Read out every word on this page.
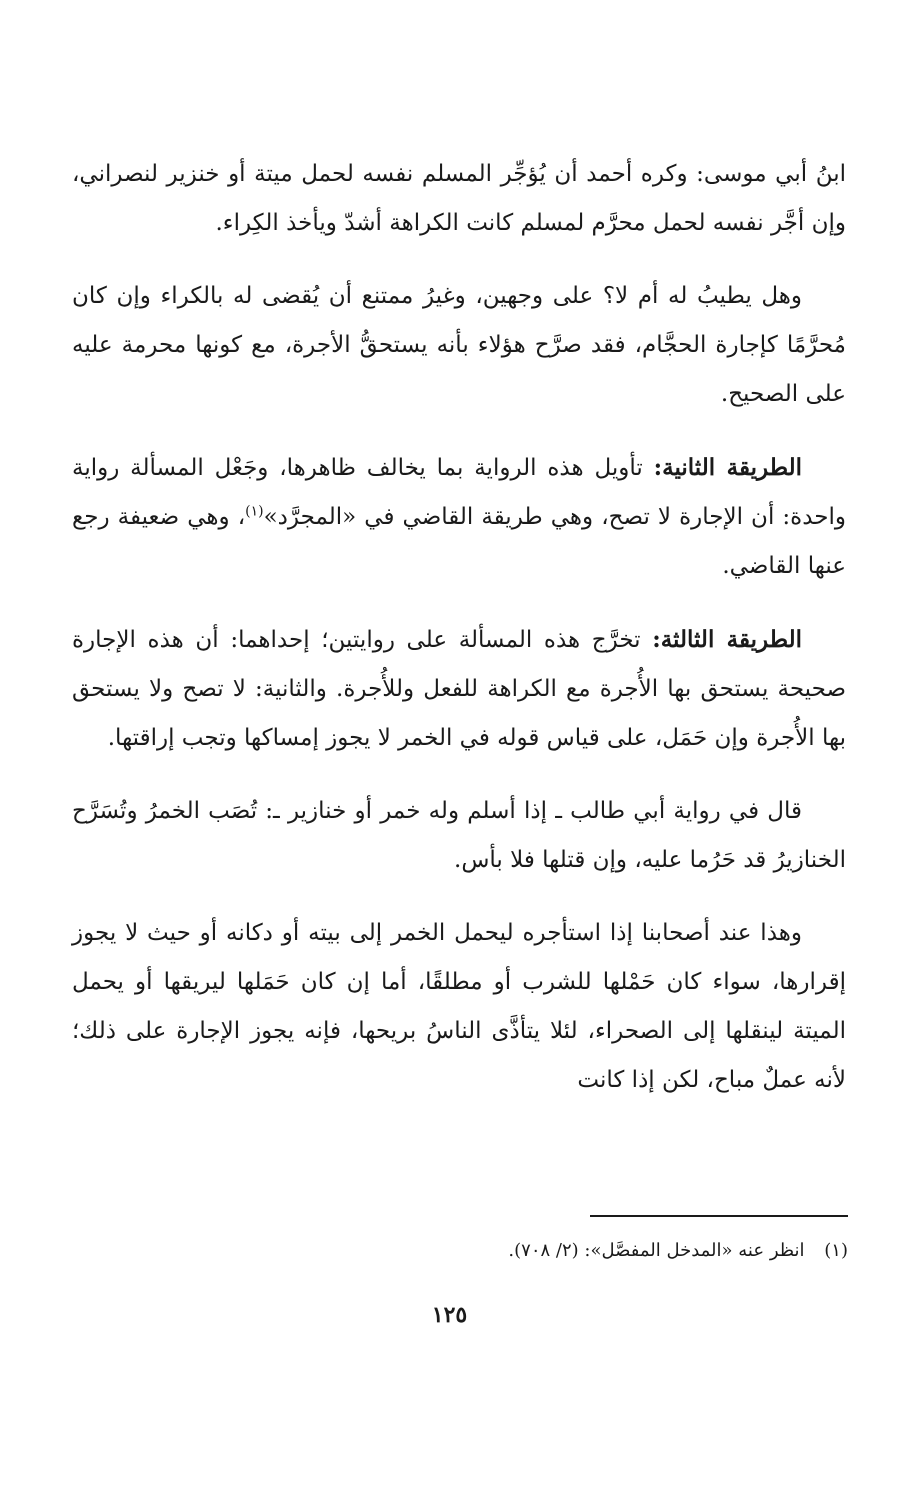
ابنُ أبي موسى: وكره أحمد أن يُؤجِّر المسلم نفسه لحمل ميتة أو خنزير لنصراني، وإن أجَّر نفسه لحمل محرَّم لمسلم كانت الكراهة أشدّ ويأخذ الكِراء.

وهل يطيبُ له أم لا؟ على وجهين، وغيرُ ممتنع أن يُقضى له بالكراء وإن كان مُحرَّمًا كإجارة الحجَّام، فقد صرَّح هؤلاء بأنه يستحقُّ الأجرة، مع كونها محرمة عليه على الصحيح.

الطريقة الثانية: تأويل هذه الرواية بما يخالف ظاهرها، وجَعْل المسألة رواية واحدة: أن الإجارة لا تصح، وهي طريقة القاضي في «المجرَّد»$^{(١)}$، وهي ضعيفة رجع عنها القاضي.

الطريقة الثالثة: تخرَّج هذه المسألة على روايتين؛ إحداهما: أن هذه الإجارة صحيحة يستحق بها الأُجرة مع الكراهة للفعل وللأُجرة. والثانية: لا تصح ولا يستحق بها الأُجرة وإن حَمَل، على قياس قوله في الخمر لا يجوز إمساكها وتجب إراقتها.

قال في رواية أبي طالب ـ إذا أسلم وله خمر أو خنازير ـ: تُصَب الخمرُ وتُسَرَّح الخنازيرُ قد حَرُما عليه، وإن قتلها فلا بأس.

وهذا عند أصحابنا إذا استأجره ليحمل الخمر إلى بيته أو دكانه أو حيث لا يجوز إقرارها، سواء كان حَمْلها للشرب أو مطلقًا، أما إن كان حَمَلها ليريقها أو يحمل الميتة لينقلها إلى الصحراء، لئلا يتأذَّى الناسُ بريحها، فإنه يجوز الإجارة على ذلك؛ لأنه عملٌ مباح، لكن إذا كانت

(١) انظر عنه «المدخل المفصَّل»: (٢/ ٧٠٨).
١٢٥
